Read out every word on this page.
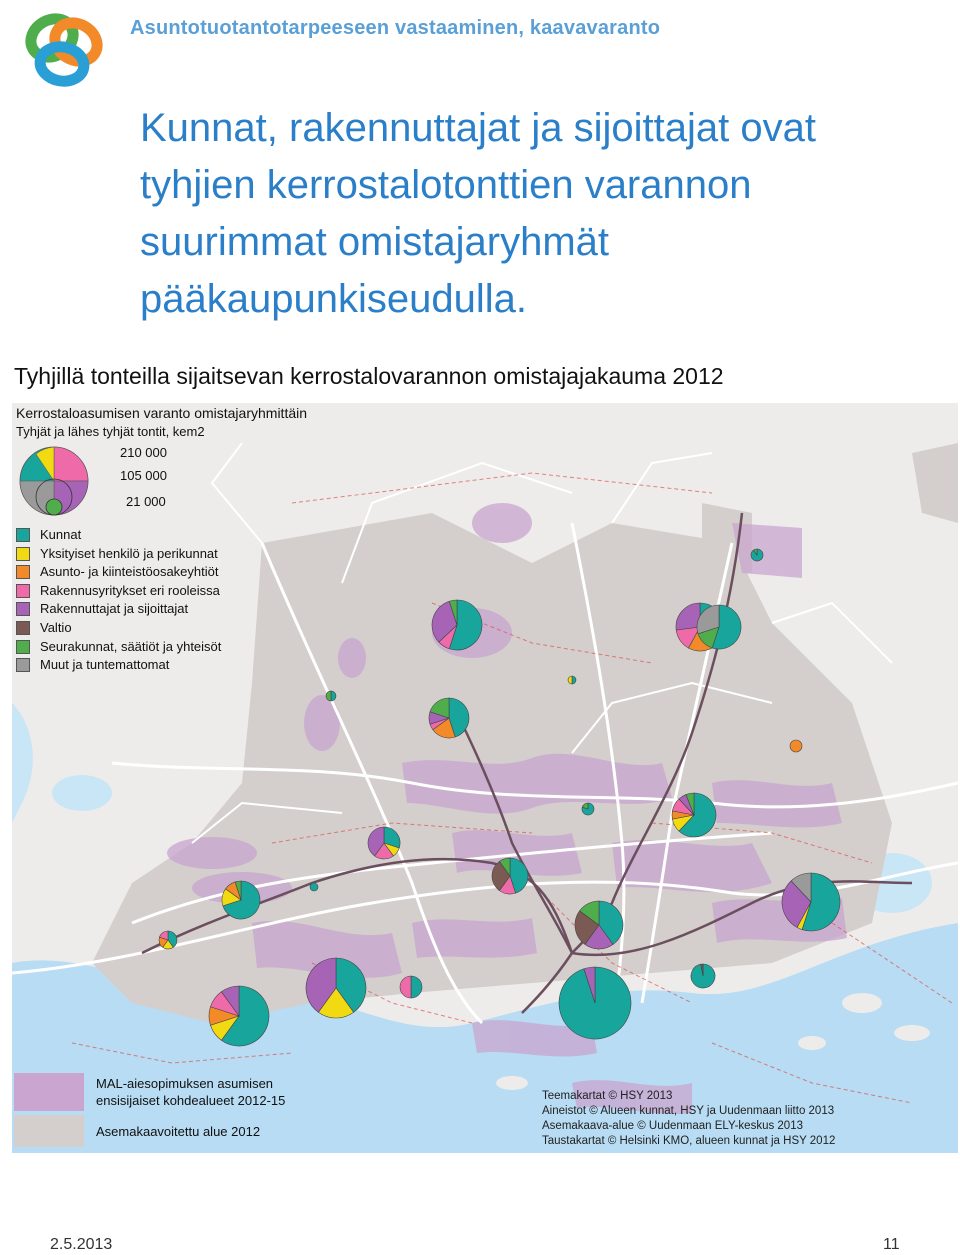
Asuntotuotantotarpeeseen vastaaminen, kaavavaranto
Kunnat, rakennuttajat ja sijoittajat ovat
tyhjien kerrostalotonttien varannon
suurimmat omistajaryhmät
pääkaupunkiseudulla.
Tyhjillä tonteilla sijaitsevan kerrostalovarannon omistajajakauma 2012
Kerrostaloasumisen varanto omistajaryhmittäin
Tyhjät ja lähes tyhjät tontit, kem2
210 000
105 000
21 000
Kunnat
Yksityiset henkilö ja perikunnat
Asunto- ja kiinteistöosakeyhtiöt
Rakennusyritykset eri rooleissa
Rakennuttajat ja sijoittajat
Valtio
Seurakunnat, säätiöt ja yhteisöt
Muut ja tuntemattomat
MAL-aiesopimuksen asumisen
ensisijaiset kohdealueet 2012-15
Asemakaavoitettu alue 2012
Teemakartat © HSY 2013
Aineistot © Alueen kunnat, HSY ja Uudenmaan liitto 2013
Asemakaava-alue © Uudenmaan ELY-keskus 2013
Taustakartat © Helsinki KMO, alueen kunnat ja HSY 2012
2.5.2013	11
